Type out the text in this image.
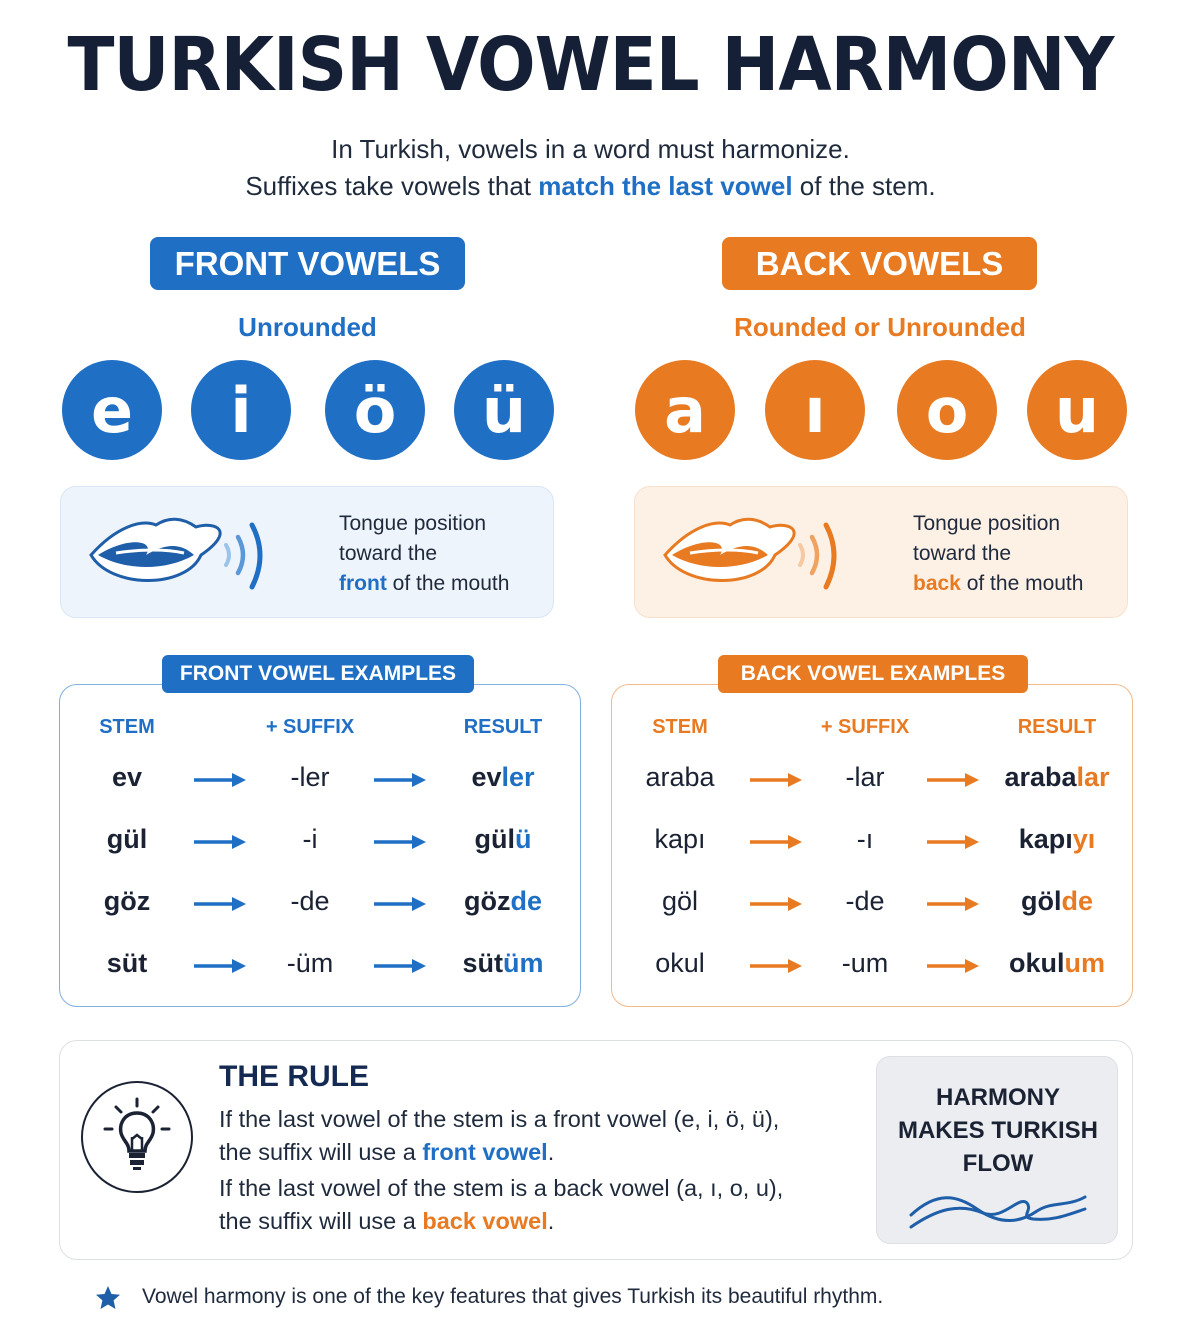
TURKISH VOWEL HARMONY
In Turkish, vowels in a word must harmonize.
Suffixes take vowels that match the last vowel of the stem.
FRONT VOWELS	BACK VOWELS
Unrounded	Rounded or Unrounded
e	i	ö	ü	a	ı	o	u
Tongue position
toward the
front of the mouth
Tongue position
toward the
back of the mouth
FRONT VOWEL EXAMPLES	BACK VOWEL EXAMPLES
STEM	+ SUFFIX	RESULT	STEM	+ SUFFIX	RESULT
ev	-ler	evler
gül	-i	gülü
göz	-de	gözde
süt	-üm	sütüm
araba	-lar	arabalar
kapı	-ı	kapıyı
göl	-de	gölde
okul	-um	okulum
THE RULE
If the last vowel of the stem is a front vowel (e, i, ö, ü),
the suffix will use a front vowel.
If the last vowel of the stem is a back vowel (a, ı, o, u),
the suffix will use a back vowel.
HARMONY
MAKES TURKISH
FLOW
Vowel harmony is one of the key features that gives Turkish its beautiful rhythm.
